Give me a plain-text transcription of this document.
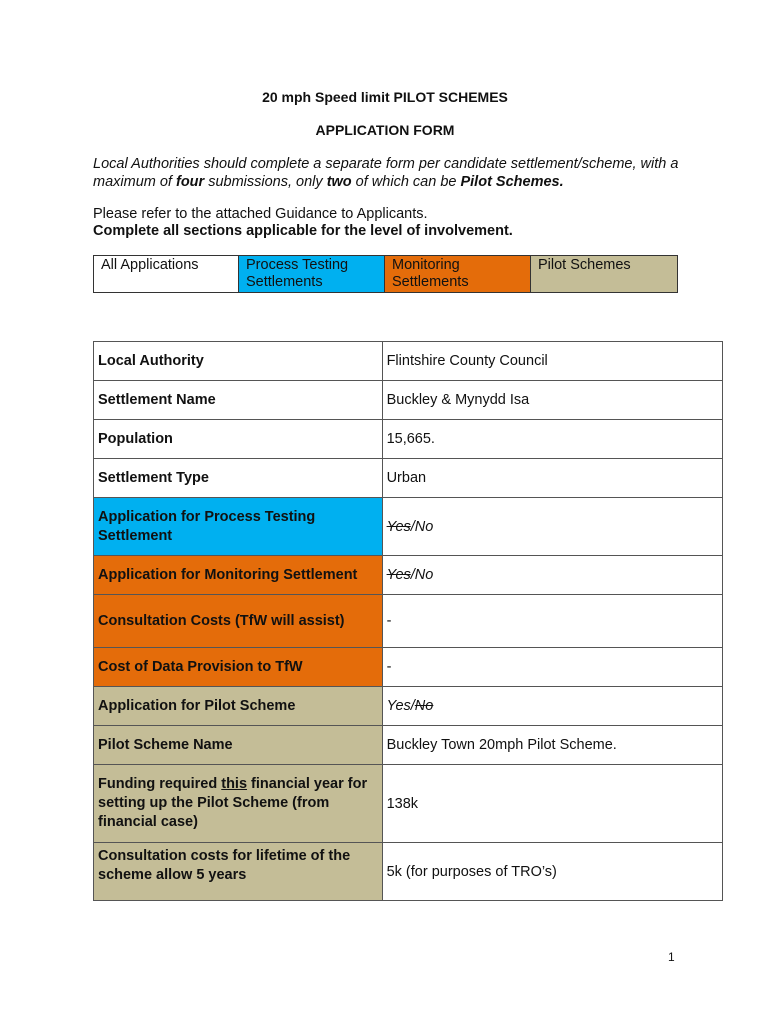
20 mph Speed limit PILOT SCHEMES
APPLICATION FORM
Local Authorities should complete a separate form per candidate settlement/scheme, with a maximum of four submissions, only two of which can be Pilot Schemes.
Please refer to the attached Guidance to Applicants.
Complete all sections applicable for the level of involvement.
All Applications	Process Testing Settlements	Monitoring Settlements	Pilot Schemes
Local Authority	Flintshire County Council
Settlement Name	Buckley & Mynydd Isa
Population	15,665.
Settlement Type	Urban
Application for Process Testing Settlement	Yes/No
Application for Monitoring Settlement	Yes/No
Consultation Costs (TfW will assist)	-
Cost of Data Provision to TfW	-
Application for Pilot Scheme	Yes/No
Pilot Scheme Name	Buckley Town 20mph Pilot Scheme.
Funding required this financial year for setting up the Pilot Scheme (from financial case)	138k
Consultation costs for lifetime of the scheme allow 5 years	5k (for purposes of TRO’s)
1
